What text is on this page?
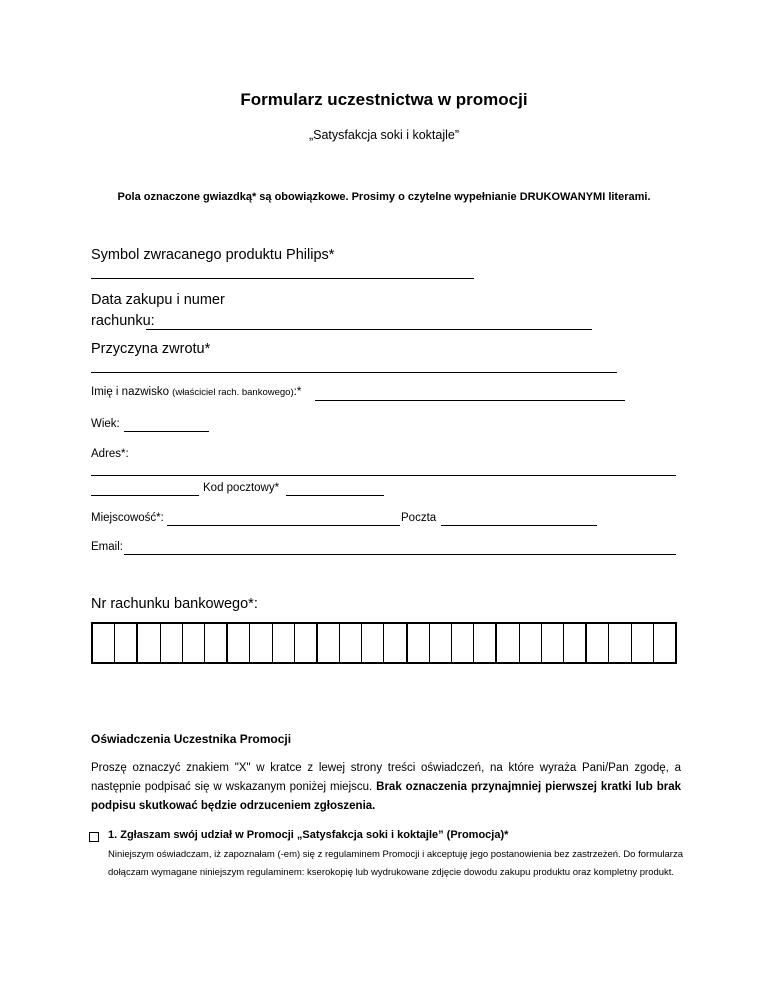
Formularz uczestnictwa w promocji
„Satysfakcja soki i koktajle”
Pola oznaczone gwiazdką* są obowiązkowe. Prosimy o czytelne wypełnianie DRUKOWANYMI literami.
Symbol zwracanego produktu Philips*
Data zakupu i numer
rachunku:
Przyczyna zwrotu*
Imię i nazwisko (właściciel rach. bankowego):*
Wiek:
Adres*:
Kod pocztowy*
Miejscowość*:	Poczta
Email:
Nr rachunku bankowego*:
Oświadczenia Uczestnika Promocji
Proszę oznaczyć znakiem "X" w kratce z lewej strony treści oświadczeń, na które wyraża Pani/Pan zgodę, a następnie podpisać się w wskazanym poniżej miejscu. Brak oznaczenia przynajmniej pierwszej kratki lub brak podpisu skutkować będzie odrzuceniem zgłoszenia.
1. Zgłaszam swój udział w Promocji „Satysfakcja soki i koktajle” (Promocja)*
Niniejszym oświadczam, iż zapoznałam (-em) się z regulaminem Promocji i akceptuję jego postanowienia bez zastrzeżeń. Do formularza dołączam wymagane niniejszym regulaminem: kserokopię lub wydrukowane zdjęcie dowodu zakupu produktu oraz kompletny produkt.
